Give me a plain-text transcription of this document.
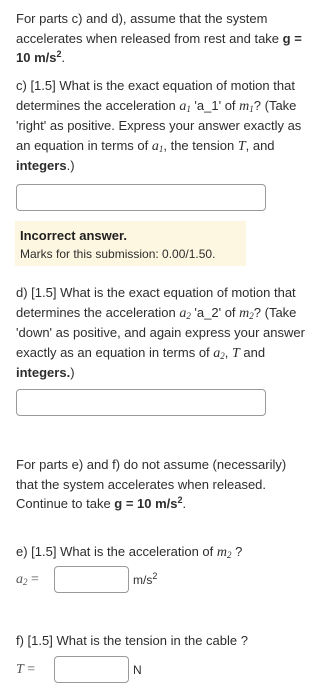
For parts c) and d), assume that the system accelerates when released from rest and take g = 10 $m/s^2$.
c) [1.5] What is the exact equation of motion that determines the acceleration $a_1$ 'a_1' of $m_1$? (Take 'right' as positive. Express your answer exactly as an equation in terms of $a_1$, the tension T, and integers.)
Incorrect answer.
Marks for this submission: 0.00/1.50.
d) [1.5] What is the exact equation of motion that determines the acceleration $a_2$ 'a_2' of $m_2$? (Take 'down' as positive, and again express your answer exactly as an equation in terms of $a_2$, T and integers.)
For parts e) and f) do not assume (necessarily) that the system accelerates when released. Continue to take g = 10 $m/s^2$.
e) [1.5] What is the acceleration of $m_2$ ?
$a_2$ =	$m/s^2$
f) [1.5] What is the tension in the cable ?
T =	N
